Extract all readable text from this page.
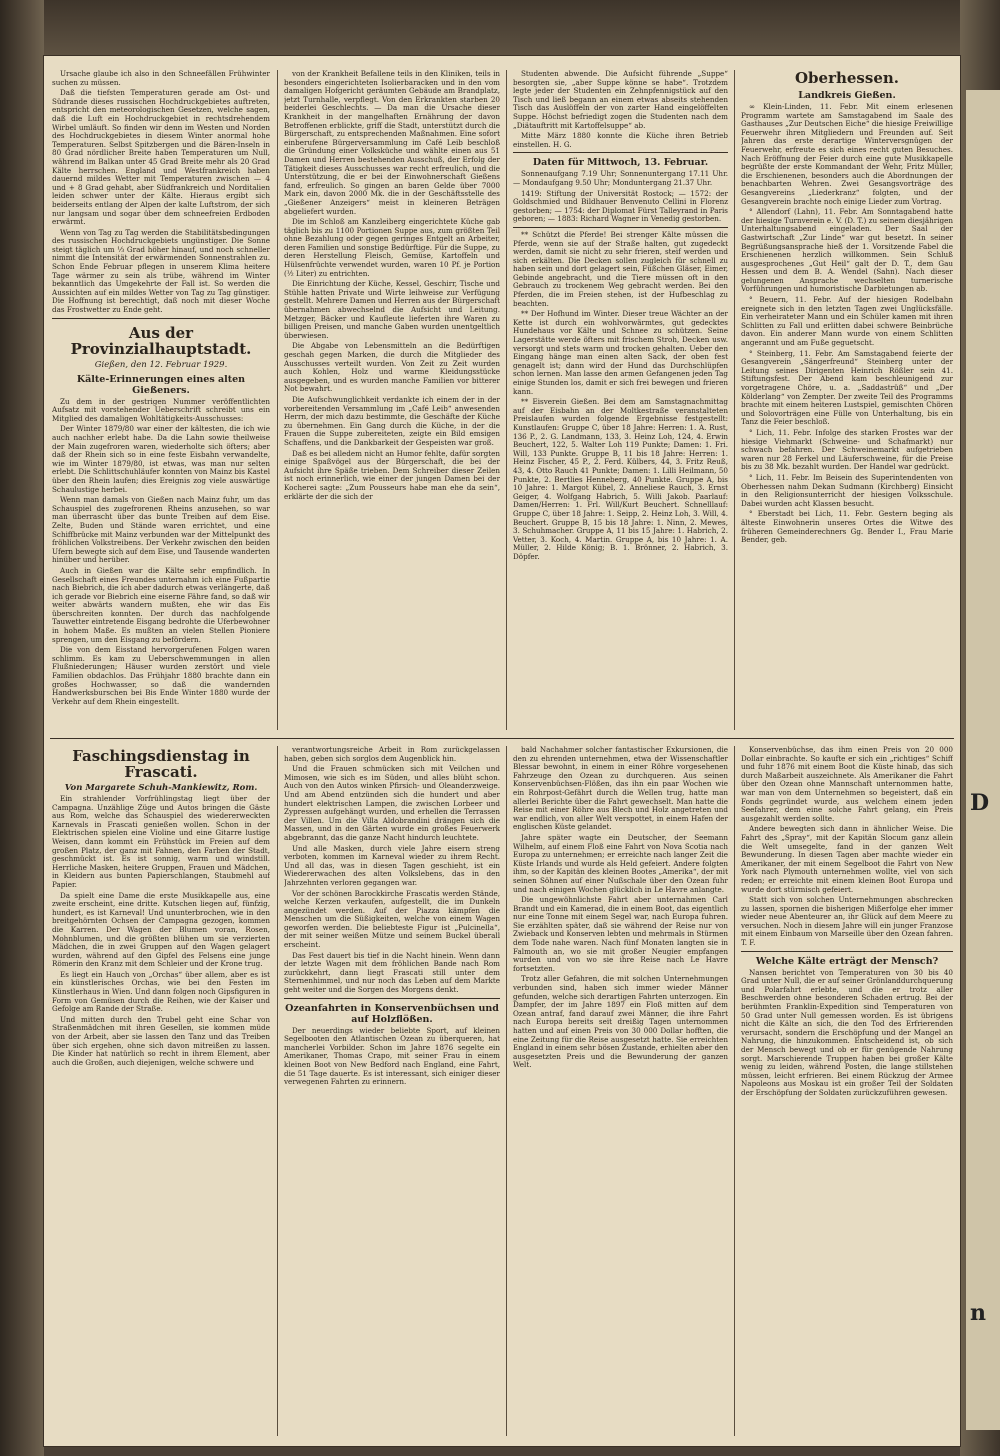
D
n

Ursache glaube ich also in den Schneefällen Frühwinter suchen zu müssen.

Daß die tiefsten Temperaturen gerade am Ost- und Südrande dieses russischen Hochdruckgebietes auftreten, entspricht den meteorologischen Gesetzen, welche sagen, daß die Luft ein Hochdruckgebiet in rechtsdrehendem Wirbel umläuft. So finden wir denn im Westen und Norden des Hochdruckgebietes in diesem Winter anormal hohe Temperaturen. Selbst Spitzbergen und die Bären-Inseln in 80 Grad nördlicher Breite haben Temperaturen um Null, während im Balkan unter 45 Grad Breite mehr als 20 Grad Kälte herrschen. England und Westfrankreich haben dauernd mildes Wetter mit Temperaturen zwischen — 4 und + 8 Grad gehabt, aber Südfrankreich und Norditalien leiden schwer unter der Kälte. Hieraus ergibt sich beiderseits entlang der Alpen der kalte Luftstrom, der sich nur langsam und sogar über dem schneefreien Erdboden erwärmt.

Wenn von Tag zu Tag werden die Stabilitätsbedingungen des russischen Hochdruckgebiets ungünstiger. Die Sonne steigt täglich um ⅓ Grad höher hinauf, und noch schneller nimmt die Intensität der erwärmenden Sonnenstrahlen zu. Schon Ende Februar pflegen in unserem Klima heitere Tage wärmer zu sein als trübe, während im Winter bekanntlich das Umgekehrte der Fall ist. So werden die Aussichten auf ein mildes Wetter von Tag zu Tag günstiger. Die Hoffnung ist berechtigt, daß noch mit dieser Woche das Frostwetter zu Ende geht.

Aus der Provinzialhauptstadt.
Gießen, den 12. Februar 1929.
Kälte-Erinnerungen eines alten Gießeners.

Zu dem in der gestrigen Nummer veröffentlichten Aufsatz mit vorstehender Ueberschrift schreibt uns ein Mitglied des damaligen Wohltätigkeits-Ausschusses:

Der Winter 1879/80 war einer der kältesten, die ich wie auch nachher erlebt habe. Da die Lahn sowie theilweise der Main zugefroren waren, wiederholte sich öfters; aber daß der Rhein sich so in eine feste Eisbahn verwandelte, wie im Winter 1879/80, ist etwas, was man nur selten erlebt. Die Schlittschuhläufer konnten von Mainz bis Kastel über den Rhein laufen; dies Ereignis zog viele auswärtige Schaulustige herbei.

Wenn man damals von Gießen nach Mainz fuhr, um das Schauspiel des zugefrorenen Rheins anzusehen, so war man überrascht über das bunte Treiben auf dem Eise. Zelte, Buden und Stände waren errichtet, und eine Schiffbrücke mit Mainz verbunden war der Mittelpunkt des fröhlichen Volkstreibens. Der Verkehr zwischen den beiden Ufern bewegte sich auf dem Eise, und Tausende wanderten hinüber und herüber.

Auch in Gießen war die Kälte sehr empfindlich. In Gesellschaft eines Freundes unternahm ich eine Fußpartie nach Biebrich, die ich aber dadurch etwas verlängerte, daß ich gerade vor Biebrich eine eiserne Fähre fand, so daß wir weiter abwärts wandern mußten, ehe wir das Eis überschreiten konnten. Der durch das nachfolgende Tauwetter eintretende Eisgang bedrohte die Uferbewohner in hohem Maße. Es mußten an vielen Stellen Pioniere sprengen, um den Eisgang zu befördern.

Die von dem Eisstand hervorgerufenen Folgen waren schlimm. Es kam zu Ueberschwemmungen in allen Flußniederungen; Häuser wurden zerstört und viele Familien obdachlos. Das Frühjahr 1880 brachte dann ein großes Hochwasser, so daß die wandernden Handwerksburschen bei Bis Ende Winter 1880 wurde der Verkehr auf dem Rhein eingestellt.

von der Krankheit Befallene teils in den Kliniken, teils in besonders eingerichteten Isolierbaracken und in den vom damaligen Hofgericht geräumten Gebäude am Brandplatz, jetzt Turnhalle, verpflegt. Von den Erkrankten starben 20 beiderlei Geschlechts. — Da man die Ursache dieser Krankheit in der mangelhaften Ernährung der davon Betroffenen erblickte, griff die Stadt, unterstützt durch die Bürgerschaft, zu entsprechenden Maßnahmen. Eine sofort einberufene Bürgerversammlung im Café Leib beschloß die Gründung einer Volksküche und wählte einen aus 51 Damen und Herren bestehenden Ausschuß, der Erfolg der Tätigkeit dieses Ausschusses war recht erfreulich, und die Unterstützung, die er bei der Einwohnerschaft Gießens fand, erfreulich. So gingen an baren Gelde über 7000 Mark ein, davon 2000 Mk. die in der Geschäftsstelle des „Gießener Anzeigers“ meist in kleineren Beträgen abgeliefert wurden.

Die im Schloß am Kanzleiberg eingerichtete Küche gab täglich bis zu 1100 Portionen Suppe aus, zum größten Teil ohne Bezahlung oder gegen geringes Entgelt an Arbeiter, deren Familien und sonstige Bedürftige. Für die Suppe, zu deren Herstellung Fleisch, Gemüse, Kartoffeln und Hülsenfrüchte verwendet wurden, waren 10 Pf. je Portion (½ Liter) zu entrichten.

Die Einrichtung der Küche, Kessel, Geschirr, Tische und Stühle hatten Private und Wirte leihweise zur Verfügung gestellt. Mehrere Damen und Herren aus der Bürgerschaft übernahmen abwechselnd die Aufsicht und Leitung. Metzger, Bäcker und Kaufleute lieferten ihre Waren zu billigen Preisen, und manche Gaben wurden unentgeltlich überwiesen.

Die Abgabe von Lebensmitteln an die Bedürftigen geschah gegen Marken, die durch die Mitglieder des Ausschusses verteilt wurden. Von Zeit zu Zeit wurden auch Kohlen, Holz und warme Kleidungsstücke ausgegeben, und es wurden manche Familien vor bitterer Not bewahrt.

Die Aufschwunglichkeit verdankte ich einem der in der vorbereitenden Versammlung im „Café Leib“ anwesenden Herrn, der mich dazu bestimmte, die Geschäfte der Küche zu übernehmen. Ein Gang durch die Küche, in der die Frauen die Suppe zubereiteten, zeigte ein Bild emsigen Schaffens, und die Dankbarkeit der Gespeisten war groß.

Daß es bei alledem nicht an Humor fehlte, dafür sorgten einige Spaßvögel aus der Bürgerschaft, die bei der Aufsicht ihre Späße trieben. Dem Schreiber dieser Zeilen ist noch erinnerlich, wie einer der jungen Damen bei der Kocherei sagte: „Zum Pousseurs habe man ehe da sein“, erklärte der die sich der

Studenten abwende. Die Aufsicht führende „Suppe“ besorgten sie, „aber Suppe könne se habe“. Trotzdem legte jeder der Studenten ein Zehnpfennigstück auf den Tisch und ließ begann an einem etwas abseits stehenden Tisch das Auslöffeln der von zarter Hand eingelöffelten Suppe. Höchst befriedigt zogen die Studenten nach dem „Diätauftritt mit Kartoffelsuppe“ ab.

Mitte März 1880 konnte die Küche ihren Betrieb einstellen. H. G.

Daten für Mittwoch, 13. Februar.

Sonnenaufgang 7.19 Uhr; Sonnenuntergang 17.11 Uhr. — Mondaufgang 9.50 Uhr; Monduntergang 21.37 Uhr.

1419: Stiftung der Universität Rostock; — 1572: der Goldschmied und Bildhauer Benvenuto Cellini in Florenz gestorben; — 1754: der Diplomat Fürst Talleyrand in Paris geboren; — 1883: Richard Wagner in Venedig gestorben.

** Schützt die Pferde! Bei strenger Kälte müssen die Pferde, wenn sie auf der Straße halten, gut zugedeckt werden, damit sie nicht zu sehr frieren, steif werden und sich erkälten. Die Decken sollen zugleich für schnell zu haben sein und dort gelagert sein, Füßchen Gläser, Eimer, Gebinde angebracht, und die Tiere müssen oft in den Gebrauch zu trockenem Weg gebracht werden. Bei den Pferden, die im Freien stehen, ist der Hufbeschlag zu beachten.

** Der Hofhund im Winter. Dieser treue Wächter an der Kette ist durch ein wohlvorwärmtes, gut gedecktes Hundehaus vor Kälte und Schnee zu schützen. Seine Lagerstätte werde öfters mit frischem Stroh, Decken usw. versorgt und stets warm und trocken gehalten. Ueber den Eingang hänge man einen alten Sack, der oben fest genagelt ist; dann wird der Hund das Durchschlüpfen schon lernen. Man lasse den armen Gefangenen jeden Tag einige Stunden los, damit er sich frei bewegen und frieren kann.

** Eisverein Gießen. Bei dem am Samstagnachmittag auf der Eisbahn an der Moltkestraße veranstalteten Preislaufen wurden folgende Ergebnisse festgestellt: Kunstlaufen: Gruppe C, über 18 Jahre: Herren: 1. A. Rust, 136 P., 2. G. Landmann, 133, 3. Heinz Loh, 124, 4. Erwin Beuchert, 122, 5. Walter Loh 119 Punkte; Damen: 1. Fri. Will, 133 Punkte. Gruppe B, 11 bis 18 Jahre: Herren: 1. Heinz Fischer, 45 P., 2. Ferd. Külbers, 44, 3. Fritz Reuß, 43, 4. Otto Rauch 41 Punkte; Damen: 1. Lilli Heilmann, 50 Punkte, 2. Bertlies Henneberg, 40 Punkte. Gruppe A, bis 10 Jahre: 1. Margot Kübel, 2. Anneliese Rauch, 3. Ernst Geiger, 4. Wolfgang Habrich, 5. Willi Jakob. Paarlauf: Damen/Herren: 1. Frl. Will/Kurt Beuchert. Schnelllauf: Gruppe C, über 18 Jahre: 1. Seipp, 2. Heinz Loh, 3. Will, 4. Beuchert. Gruppe B, 15 bis 18 Jahre: 1. Ninn, 2. Mewes, 3. Schuhmacher. Gruppe A, 11 bis 15 Jahre: 1. Habrich, 2. Vetter, 3. Koch, 4. Martin. Gruppe A, bis 10 Jahre: 1. A. Müller, 2. Hilde König; B. 1. Brönner, 2. Habrich, 3. Döpfer.

Oberhessen.
Landkreis Gießen.

∞ Klein-Linden, 11. Febr. Mit einem erlesenen Programm wartete am Samstagabend im Saale des Gasthauses „Zur Deutschen Eiche“ die hiesige Freiwillige Feuerwehr ihren Mitgliedern und Freunden auf. Seit Jahren das erste derartige Winterversgnügen der Feuerwehr, erfreute es sich eines recht guten Besuches. Nach Eröffnung der Feier durch eine gute Musikkapelle begrüßte der erste Kommandant der Wehr, Fritz Müller, die Erschienenen, besonders auch die Abordnungen der benachbarten Wehren. Zwei Gesangsvorträge des Gesangvereins „Liederkranz“ folgten, und der Gesangverein brachte noch einige Lieder zum Vortrag.

° Allendorf (Lahn), 11. Febr. Am Sonntagabend hatte der hiesige Turnverein e. V. (D. T.) zu seinem diesjährigen Unterhaltungsabend eingeladen. Der Saal der Gastwirtschaft „Zur Linde“ war gut besetzt. In seiner Begrüßungsansprache hieß der 1. Vorsitzende Fabel die Erschienenen herzlich willkommen. Sein Schluß ausgesprochenes „Gut Heil“ galt der D. T., dem Gau Hessen und dem B. A. Wendel (Sahn). Nach dieser gelungenen Ansprache wechselten turnerische Vorführungen und humoristische Darbietungen ab.

° Beuern, 11. Febr. Auf der hiesigen Rodelbahn ereignete sich in den letzten Tagen zwei Unglücksfälle. Ein verheirateter Mann und ein Schüler kamen mit ihren Schlitten zu Fall und erlitten dabei schwere Beinbrüche davon. Ein anderer Mann wurde von einem Schlitten angerannt und am Fuße geguetscht.

° Steinberg, 11. Febr. Am Samstagabend feierte der Gesangverein „Sängerfreund“ Steinberg unter der Leitung seines Dirigenten Heinrich Rößler sein 41. Stiftungsfest. Der Abend kam beschleunigend zur vorgetragene Chöre, u. a. „Saddastrüß“ und „Der Kölderlang“ von Zempter. Der zweite Teil des Programms brachte mit einem heiteren Lustspiel, gemischten Chören und Solovorträgen eine Fülle von Unterhaltung, bis ein Tanz die Feier beschloß.

° Lich, 11. Febr. Infolge des starken Frostes war der hiesige Viehmarkt (Schweine- und Schafmarkt) nur schwach befahren. Der Schweinemarkt aufgetrieben waren nur 28 Ferkel und Läuferschweine, für die Preise bis zu 38 Mk. bezahlt wurden. Der Handel war gedrückt.

° Lich, 11. Febr. Im Beisein des Superintendenten von Oberhessen nahm Dekan Sudmann (Kirchberg) Einsicht in den Religionsunterricht der hiesigen Volksschule. Dabei wurden acht Klassen besucht.

° Eberstadt bei Lich, 11. Febr. Gestern beging als älteste Einwohnerin unseres Ortes die Witwe des früheren Gemeinderechners Gg. Bender I., Frau Marie Bender, geb.

Faschingsdienstag in Frascati.
Von Margarete Schuh-Mankiewitz, Rom.

Ein strahlender Vorfrühlingstag liegt über der Campagna. Unzählige Züge und Autos bringen die Gäste aus Rom, welche das Schauspiel des wiedererweckten Karnevals in Frascati genießen wollen. Schon in der Elektrischen spielen eine Violine und eine Gitarre lustige Weisen, dann kommt ein Frühstück im Freien auf dem großen Platz, der ganz mit Fahnen, den Farben der Stadt, geschmückt ist. Es ist sonnig, warm und windstill. Herrliche Masken, heitere Gruppen, Frauen und Mädchen, in Kleidern aus bunten Papierschlangen, Staubmehl auf Papier.

Da spielt eine Dame die erste Musikkapelle aus, eine zweite erscheint, eine dritte. Kutschen liegen auf, fünfzig, hundert, es ist Karneval! Und ununterbrochen, wie in den breitgehörnten Ochsen der Campagna gezogen, kommen die Karren. Der Wagen der Blumen voran, Rosen, Mohnblumen, und die größten blühen um sie verzierten Mädchen, die in zwei Gruppen auf den Wagen gelagert wurden, während auf den Gipfel des Felsens eine junge Römerin den Kranz mit dem Schleier und der Krone trug.

Es liegt ein Hauch von „Orchas“ über allem, aber es ist ein künstlerisches Orchas, wie bei den Festen im Künstlerhaus in Wien. Und dann folgen noch Gipsfiguren in Form von Gemüsen durch die Reihen, wie der Kaiser und Gefolge am Rande der Straße.

Und mitten durch den Trubel geht eine Schar von Straßenmädchen mit ihren Gesellen, sie kommen müde von der Arbeit, aber sie lassen den Tanz und das Treiben über sich ergehen, ohne sich davon mitreißen zu lassen. Die Kinder hat natürlich so recht in ihrem Element, aber auch die Großen, auch diejenigen, welche schwere und

verantwortungsreiche Arbeit in Rom zurückgelassen haben, geben sich sorglos dem Augenblick hin.

Und die Frauen schmücken sich mit Veilchen und Mimosen, wie sich es im Süden, und alles blüht schon. Auch von den Autos winken Pfirsich- und Oleanderzweige. Und am Abend entzünden sich die hundert und aber hundert elektrischen Lampen, die zwischen Lorbeer und Zypressen aufgehängt wurden, und erhellen die Terrassen der Villen. Um die Villa Aldobrandini drängen sich die Massen, und in den Gärten wurde ein großes Feuerwerk abgebrannt, das die ganze Nacht hindurch leuchtete.

Und alle Masken, durch viele Jahre eisern streng verboten, kommen im Karneval wieder zu ihrem Recht. Und all das, was in diesen Tagen geschieht, ist ein Wiedererwachen des alten Volkslebens, das in den Jahrzehnten verloren gegangen war.

Vor der schönen Barockkirche Frascatis werden Stände, welche Kerzen verkaufen, aufgestellt, die im Dunkeln angezündet werden. Auf der Piazza kämpfen die Menschen um die Süßigkeiten, welche von einem Wagen geworfen werden. Die beliebteste Figur ist „Pulcinella“, der mit seiner weißen Mütze und seinem Buckel überall erscheint.

Das Fest dauert bis tief in die Nacht hinein. Wenn dann der letzte Wagen mit dem fröhlichen Bande nach Rom zurückkehrt, dann liegt Frascati still unter dem Sternenhimmel, und nur noch das Leben auf dem Markte geht weiter und die Sorgen des Morgens denkt.

Ozeanfahrten in Konservenbüchsen und auf Holzflößen.

Der neuerdings wieder beliebte Sport, auf kleinen Segelbooten den Atlantischen Ozean zu überqueren, hat mancherlei Vorbilder. Schon im Jahre 1876 segelte ein Amerikaner, Thomas Crapo, mit seiner Frau in einem kleinen Boot von New Bedford nach England, eine Fahrt, die 51 Tage dauerte. Es ist interessant, sich einiger dieser verwegenen Fahrten zu erinnern.

bald Nachahmer solcher fantastischer Exkursionen, die den zu ehrenden unternehmen, etwa der Wissenschaftler Blessar bewohnt, in einem in einer Röhre vorgesehenen Fahrzeuge den Ozean zu durchqueren. Aus seinen Konservenbüchsen-Flößen, das ihn ein paar Wochen wie ein Rohrpost-Gefährt durch die Wellen trug, hatte man allerlei Berichte über die Fahrt gewechselt. Man hatte die Reise mit einer Röhre aus Blech und Holz angetreten und war endlich, von aller Welt verspottet, in einem Hafen der englischen Küste gelandet.

Jahre später wagte ein Deutscher, der Seemann Wilhelm, auf einem Floß eine Fahrt von Nova Scotia nach Europa zu unternehmen; er erreichte nach langer Zeit die Küste Irlands und wurde als Held gefeiert. Andere folgten ihm, so der Kapitän des kleinen Bootes „Amerika“, der mit seinen Söhnen auf einer Nußschale über den Ozean fuhr und nach einigen Wochen glücklich in Le Havre anlangte.

Die ungewöhnlichste Fahrt aber unternahmen Carl Brandt und ein Kamerad, die in einem Boot, das eigentlich nur eine Tonne mit einem Segel war, nach Europa fuhren. Sie erzählten später, daß sie während der Reise nur von Zwieback und Konserven lebten und mehrmals in Stürmen dem Tode nahe waren. Nach fünf Monaten langten sie in Falmouth an, wo sie mit großer Neugier empfangen wurden und von wo sie ihre Reise nach Le Havre fortsetzten.

Trotz aller Gefahren, die mit solchen Unternehmungen verbunden sind, haben sich immer wieder Männer gefunden, welche sich derartigen Fahrten unterzogen. Ein Dampfer, der im Jahre 1897 ein Floß mitten auf dem Ozean antraf, fand darauf zwei Männer, die ihre Fahrt nach Europa bereits seit dreißig Tagen unternommen hatten und auf einen Preis von 30 000 Dollar hofften, die eine Zeitung für die Reise ausgesetzt hatte. Sie erreichten England in einem sehr bösen Zustande, erhielten aber den ausgesetzten Preis und die Bewunderung der ganzen Welt.

Konservenbüchse, das ihm einen Preis von 20 000 Dollar einbrachte. So kaufte er sich ein „richtiges“ Schiff und fuhr 1876 mit einem Boot die Küste hinab, das sich durch Maßarbeit auszeichnete. Als Amerikaner die Fahrt über den Ozean ohne Mannschaft unternommen hatte, war man von dem Unternehmen so begeistert, daß ein Fonds gegründet wurde, aus welchem einem jeden Seefahrer, dem eine solche Fahrt gelang, ein Preis ausgezahlt werden sollte.

Andere bewegten sich dann in ähnlicher Weise. Die Fahrt des „Spray“, mit der Kapitän Slocum ganz allein die Welt umsegelte, fand in der ganzen Welt Bewunderung. In diesen Tagen aber machte wieder ein Amerikaner, der mit einem Segelboot die Fahrt von New York nach Plymouth unternehmen wollte, viel von sich reden; er erreichte mit einem kleinen Boot Europa und wurde dort stürmisch gefeiert.

Statt sich von solchen Unternehmungen abschrecken zu lassen, spornen die bisherigen Mißerfolge eher immer wieder neue Abenteurer an, ihr Glück auf dem Meere zu versuchen. Noch in diesem Jahre will ein junger Franzose mit einem Einbaum von Marseille über den Ozean fahren. T. F.

Welche Kälte erträgt der Mensch?

Nansen berichtet von Temperaturen von 30 bis 40 Grad unter Null, die er auf seiner Grönlanddurchquerung und Polarfahrt erlebte, und die er trotz aller Beschwerden ohne besonderen Schaden ertrug. Bei der berühmten Franklin-Expedition sind Temperaturen von 50 Grad unter Null gemessen worden. Es ist übrigens nicht die Kälte an sich, die den Tod des Erfrierenden verursacht, sondern die Erschöpfung und der Mangel an Nahrung, die hinzukommen. Entscheidend ist, ob sich der Mensch bewegt und ob er für genügende Nahrung sorgt. Marschierende Truppen haben bei großer Kälte wenig zu leiden, während Posten, die lange stillstehen müssen, leicht erfrieren. Bei einem Rückzug der Armee Napoleons aus Moskau ist ein großer Teil der Soldaten der Erschöpfung der Soldaten zurückzuführen gewesen.
